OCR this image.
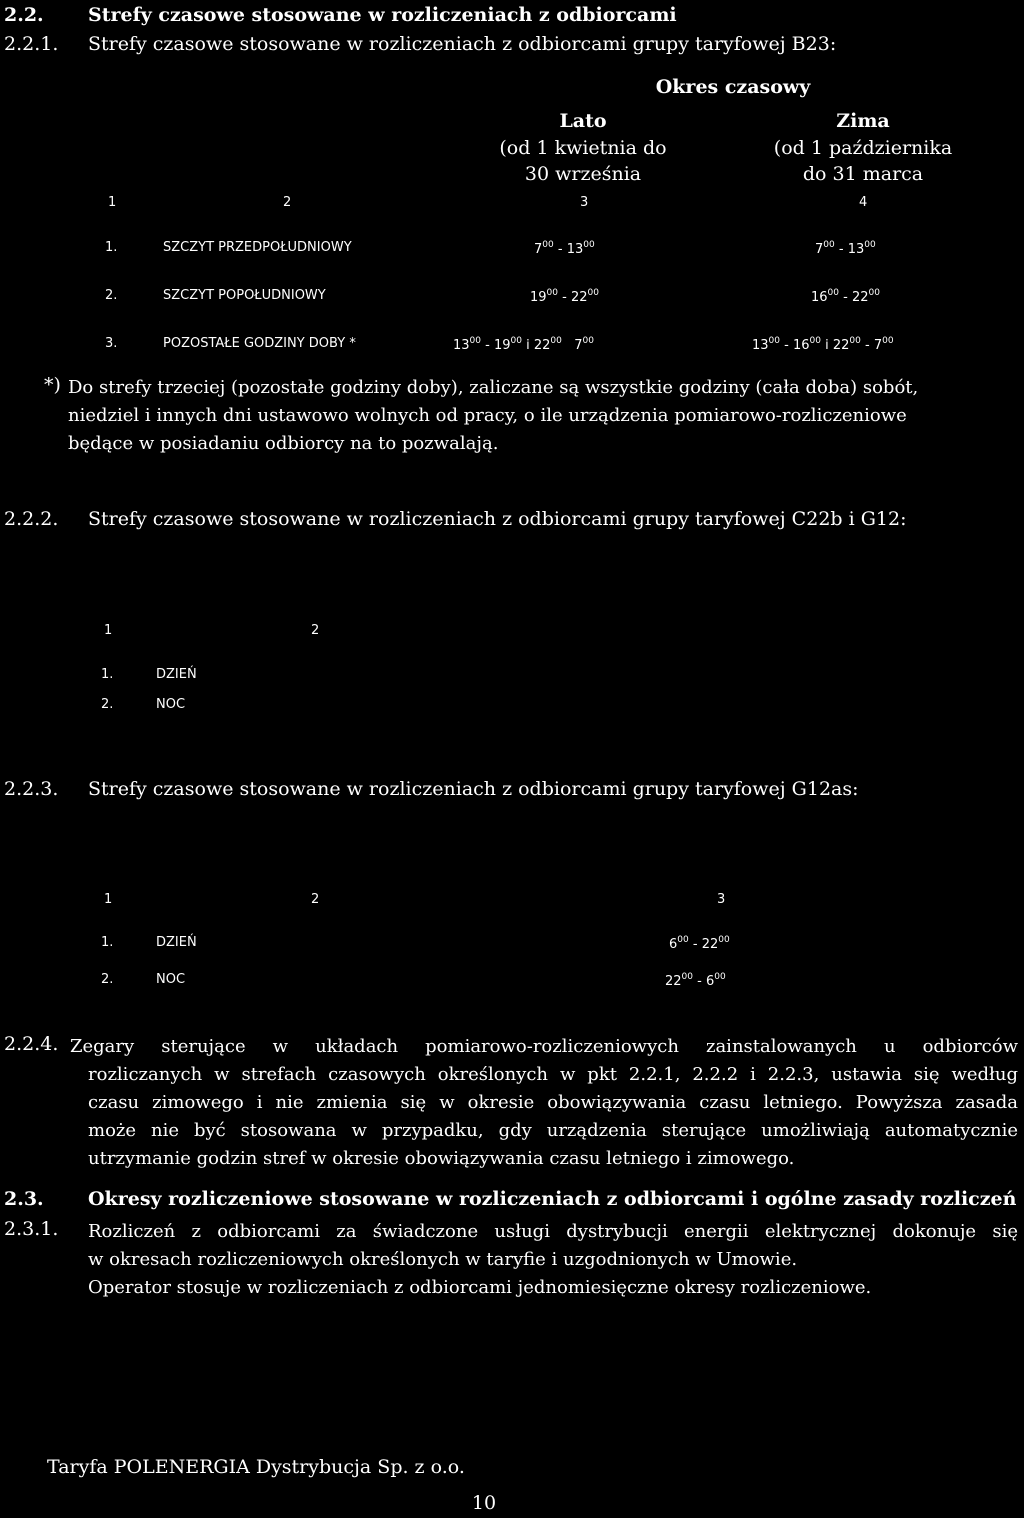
2.2. Strefy czasowe stosowane w rozliczeniach z odbiorcami
2.2.1. Strefy czasowe stosowane w rozliczeniach z odbiorcami grupy taryfowej B23:
Okres czasowy
Lato
(od 1 kwietnia do
30 września
Zima
(od 1 października
do 31 marca
1	2	3	4
1.	SZCZYT PRZEDPOŁUDNIOWY	$7^{00} - 13^{00}$	$7^{00} - 13^{00}$
2.	SZCZYT POPOŁUDNIOWY	$19^{00} - 22^{00}$	$16^{00} - 22^{00}$
3.	POZOSTAŁE GODZINY DOBY *	$13^{00} - 19^{00}$ i $22^{00}$ $7^{00}$	$13^{00} - 16^{00}$ i $22^{00} - 7^{00}$
*) Do strefy trzeciej (pozostałe godziny doby), zaliczane są wszystkie godziny (cała doba) sobót,
niedziel i innych dni ustawowo wolnych od pracy, o ile urządzenia pomiarowo-rozliczeniowe
będące w posiadaniu odbiorcy na to pozwalają.
2.2.2. Strefy czasowe stosowane w rozliczeniach z odbiorcami grupy taryfowej C22b i G12:
1	2
1.	DZIEŃ
2.	NOC
2.2.3. Strefy czasowe stosowane w rozliczeniach z odbiorcami grupy taryfowej G12as:
1	2	3
1.	DZIEŃ	$6^{00} - 22^{00}$
2.	NOC	$22^{00} - 6^{00}$
2.2.4. Zegary sterujące w układach pomiarowo-rozliczeniowych zainstalowanych u odbiorców
rozliczanych w strefach czasowych określonych w pkt 2.2.1, 2.2.2 i 2.2.3, ustawia się według
czasu zimowego i nie zmienia się w okresie obowiązywania czasu letniego. Powyższa zasada
może nie być stosowana w przypadku, gdy urządzenia sterujące umożliwiają automatycznie
utrzymanie godzin stref w okresie obowiązywania czasu letniego i zimowego.
2.3. Okresy rozliczeniowe stosowane w rozliczeniach z odbiorcami i ogólne zasady rozliczeń
2.3.1. Rozliczeń z odbiorcami za świadczone usługi dystrybucji energii elektrycznej dokonuje się
w okresach rozliczeniowych określonych w taryfie i uzgodnionych w Umowie.
Operator stosuje w rozliczeniach z odbiorcami jednomiesięczne okresy rozliczeniowe.
Taryfa POLENERGIA Dystrybucja Sp. z o.o.
10
